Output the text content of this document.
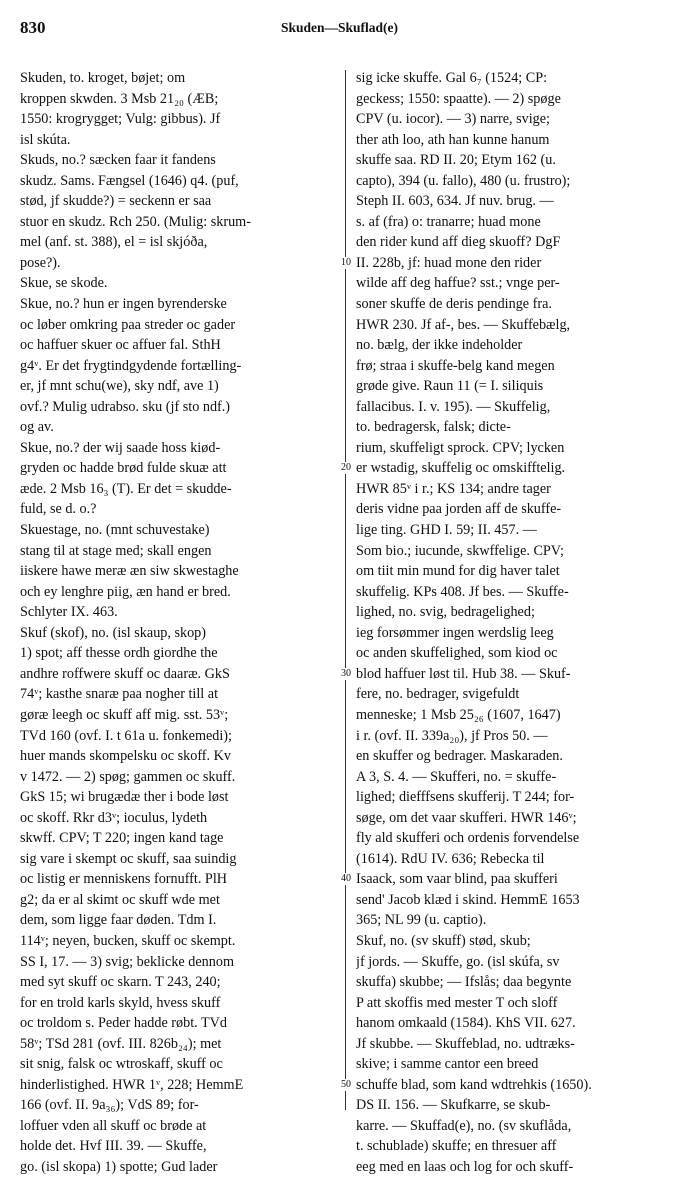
830	Skuden—Skuflad(e)
Skuden, to. kroget, bøjet; om
kroppen skwden. 3 Msb 21₂₀ (ÆB;
1550: krogrygget; Vulg: gibbus). Jf
isl skúta.
Skuds, no.? sæcken faar it fandens
skudz. Sams. Fængsel (1646) q4. (puf,
stød, jf skudde?) = seckenn er saa
stuor en skudz. Rch 250. (Mulig: skrum-
mel (anf. st. 388), el = isl skjóða,
pose?).
Skue, se skode.
Skue, no.? hun er ingen byrenderske
oc løber omkring paa streder oc gader
oc haffuer skuer oc affuer fal. SthH
g4ᵛ. Er det frygtindgydende fortælling-
er, jf mnt schu(we), sky ndf, ave 1)
ovf.? Mulig udrabso. sku (jf sto ndf.)
og av.
Skue, no.? der wij saade hoss kiød-
gryden oc hadde brød fulde skuæ att
æde. 2 Msb 16₃ (T). Er det = skudde-
fuld, se d. o.?
Skuestage, no. (mnt schuvestake)
stang til at stage med; skall engen
iiskere hawe meræ æn siw skwestaghe
och ey lenghre piig, æn hand er bred.
Schlyter IX. 463.
Skuf (skof), no. (isl skaup, skop)
1) spot; aff thesse ordh giordhe the
andhre roffwere skuff oc daaræ. GkS
74ᵛ; kasthe snaræ paa nogher till at
gøræ leegh oc skuff aff mig. sst. 53ᵛ;
TVd 160 (ovf. I. t 61a u. fonkemedi);
huer mands skompelsku oc skoff. Kv
v 1472. — 2) spøg; gammen oc skuff.
GkS 15; wi brugædæ ther i bode løst
oc skoff. Rkr d3ᵛ; ioculus, lydeth
skwff. CPV; T 220; ingen kand tage
sig vare i skempt oc skuff, saa suindig
oc listig er menniskens fornufft. PlH
g2; da er al skimt oc skuff wde met
dem, som ligge faar døden. Tdm I.
114ᵛ; neyen, bucken, skuff oc skempt.
SS I, 17. — 3) svig; beklicke dennom
med syt skuff oc skarn. T 243, 240;
for en trold karls skyld, hvess skuff
oc troldom s. Peder hadde røbt. TVd
58ᵛ; TSd 281 (ovf. III. 826b₂₄); met
sit snig, falsk oc wtroskaff, skuff oc
hinderlistighed. HWR 1ᵛ, 228; HemmE
166 (ovf. II. 9a₃₆); VdS 89; for-
loffuer vden all skuff oc brøde at
holde det. Hvf III. 39. — Skuffe,
go. (isl skopa) 1) spotte; Gud lader
sig icke skuffe. Gal 6₇ (1524; CP:
geckess; 1550: spaatte). — 2) spøge
CPV (u. iocor). — 3) narre, svige;
ther ath loo, ath han kunne hanum
skuffe saa. RD II. 20; Etym 162 (u.
capto), 394 (u. fallo), 480 (u. frustro);
Steph II. 603, 634. Jf nuv. brug. —
s. af (fra) o: tranarre; huad mone
den rider kund aff dieg skuoff? DgF
II. 228b, jf: huad mone den rider
wilde aff deg haffue? sst.; vnge per-
soner skuffe de deris pendinge fra.
HWR 230. Jf af-, bes. — Skuffebælg,
no. bælg, der ikke indeholder
frø; straa i skuffe-belg kand megen
grøde give. Raun 11 (= I. siliquis
fallacibus. I. v. 195). — Skuffelig,
to. bedragersk, falsk; dicte-
rium, skuffeligt sprock. CPV; lycken
er wstadig, skuffelig oc omskifftelig.
HWR 85ᵛ i r.; KS 134; andre tager
deris vidne paa jorden aff de skuffe-
lige ting. GHD I. 59; II. 457. —
Som bio.; iucunde, skwffelige. CPV;
om tiit min mund for dig haver talet
skuffelig. KPs 408. Jf bes. — Skuffe-
lighed, no. svig, bedragelighed;
ieg forsømmer ingen werdslig leeg
oc anden skuffelighed, som kiod oc
blod haffuer løst til. Hub 38. — Skuf-
fere, no. bedrager, svigefuldt
menneske; 1 Msb 25₂₆ (1607, 1647)
i r. (ovf. II. 339a₂₀), jf Pros 50. —
en skuffer og bedrager. Maskaraden.
A 3, S. 4. — Skufferi, no. = skuffe-
lighed; diefffsens skufferij. T 244; for-
søge, om det vaar skufferi. HWR 146ᵛ;
fly ald skufferi och ordenis forvendelse
(1614). RdU IV. 636; Rebecka til
Isaack, som vaar blind, paa skufferi
send' Jacob klæd i skind. HemmE 1653
365; NL 99 (u. captio).
Skuf, no. (sv skuff) stød, skub;
jf jords. — Skuffe, go. (isl skúfa, sv
skuffa) skubbe; — Ifslås; daa begynte
P att skoffis med mester T och sloff
hanom omkaald (1584). KhS VII. 627.
Jf skubbe. — Skuffeblad, no. udtræks-
skive; i samme cantor een breed
schuffe blad, som kand wdtrehkis (1650).
DS II. 156. — Skufkarre, se skub-
karre. — Skuffad(e), no. (sv skuflåda,
t. schublade) skuffe; en thresuer aff
eeg med en laas och log for och skuff-
10
20
30
40
50
